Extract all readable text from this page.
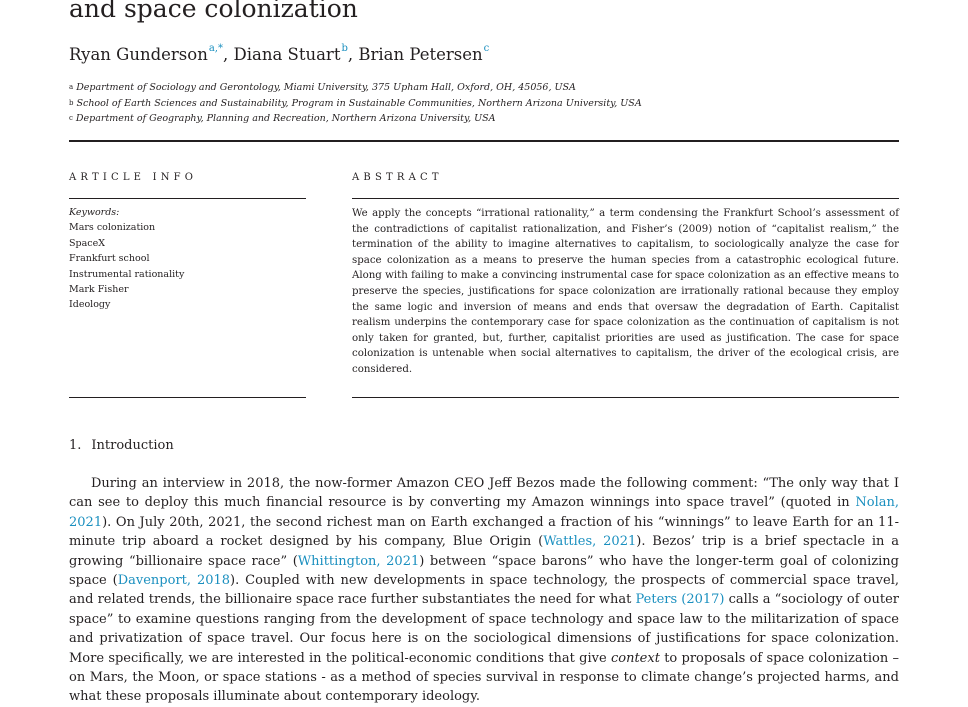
and space colonization
Ryan Gunderson$^{a,*}$, Diana Stuart$^b$, Brian Petersen$^c$
$^a$ Department of Sociology and Gerontology, Miami University, 375 Upham Hall, Oxford, OH, 45056, USA
$^b$ School of Earth Sciences and Sustainability, Program in Sustainable Communities, Northern Arizona University, USA
$^c$ Department of Geography, Planning and Recreation, Northern Arizona University, USA
ARTICLE INFO	ABSTRACT
Keywords:
Mars colonization
SpaceX
Frankfurt school
Instrumental rationality
Mark Fisher
Ideology
We apply the concepts “irrational rationality,” a term condensing the Frankfurt School’s assessment of the contradictions of capitalist rationalization, and Fisher’s (2009) notion of “capitalist realism,” the termination of the ability to imagine alternatives to capitalism, to sociologically analyze the case for space colonization as a means to preserve the human species from a catastrophic ecological future. Along with failing to make a convincing instrumental case for space colonization as an effective means to preserve the species, justifications for space colonization are irrationally rational because they employ the same logic and inversion of means and ends that oversaw the degradation of Earth. Capitalist realism underpins the contemporary case for space colonization as the continuation of capitalism is not only taken for granted, but, further, capitalist priorities are used as justification. The case for space colonization is untenable when social alternatives to capitalism, the driver of the ecological crisis, are considered.
1. Introduction
During an interview in 2018, the now-former Amazon CEO Jeff Bezos made the following comment: “The only way that I can see to deploy this much financial resource is by converting my Amazon winnings into space travel” (quoted in Nolan, 2021). On July 20th, 2021, the second richest man on Earth exchanged a fraction of his “winnings” to leave Earth for an 11-minute trip aboard a rocket designed by his company, Blue Origin (Wattles, 2021). Bezos’ trip is a brief spectacle in a growing “billionaire space race” (Whittington, 2021) between “space barons” who have the longer-term goal of colonizing space (Davenport, 2018). Coupled with new developments in space technology, the prospects of commercial space travel, and related trends, the billionaire space race further substantiates the need for what Peters (2017) calls a “sociology of outer space” to examine questions ranging from the development of space technology and space law to the militarization of space and privatization of space travel. Our focus here is on the sociological dimensions of justifications for space colonization. More specifically, we are interested in the political-economic conditions that give context to proposals of space colonization – on Mars, the Moon, or space stations - as a method of species survival in response to climate change’s projected harms, and what these proposals illuminate about contemporary ideology.
